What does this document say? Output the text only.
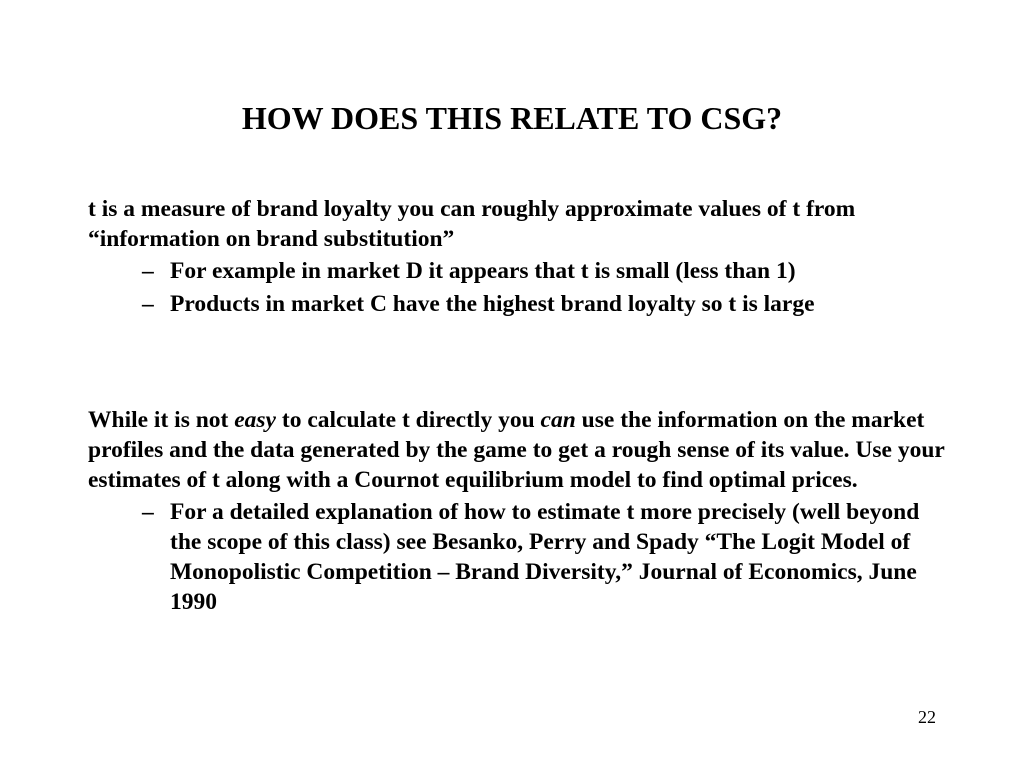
HOW DOES THIS RELATE TO CSG?
t is a measure of brand loyalty you can roughly approximate values of t from “information on brand substitution”
– For example in market D it appears that t is small (less than 1)
– Products in market C have the highest brand loyalty so t is large
While it is not easy to calculate t directly you can use the information on the market profiles and the data generated by the game to get a rough sense of its value. Use your estimates of t along with a Cournot equilibrium model to find optimal prices.
– For a detailed explanation of how to estimate t more precisely (well beyond the scope of this class) see Besanko, Perry and Spady “The Logit Model of Monopolistic Competition – Brand Diversity,” Journal of Economics, June 1990
22
